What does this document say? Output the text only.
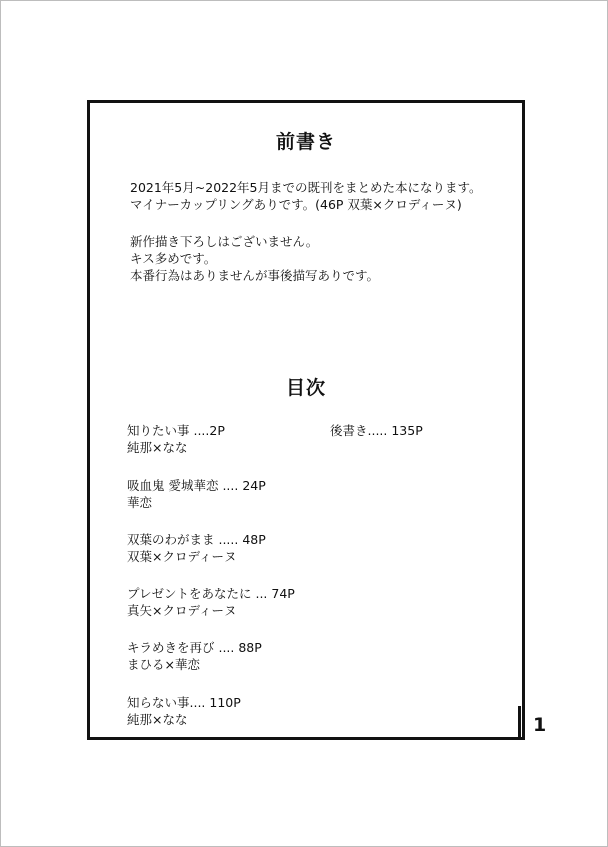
前書き
2021年5月~2022年5月までの既刊をまとめた本になります。
マイナーカップリングありです。(46P 双葉×クロディーヌ)
新作描き下ろしはございません。
キス多めです。
本番行為はありませんが事後描写ありです。
目次
知りたい事 ....2P
純那×なな
後書き..... 135P
吸血鬼 愛城華恋 .... 24P
華恋
双葉のわがまま ..... 48P
双葉×クロディーヌ
プレゼントをあなたに ... 74P
真矢×クロディーヌ
キラめきを再び .... 88P
まひる×華恋
知らない事.... 110P
純那×なな	1
